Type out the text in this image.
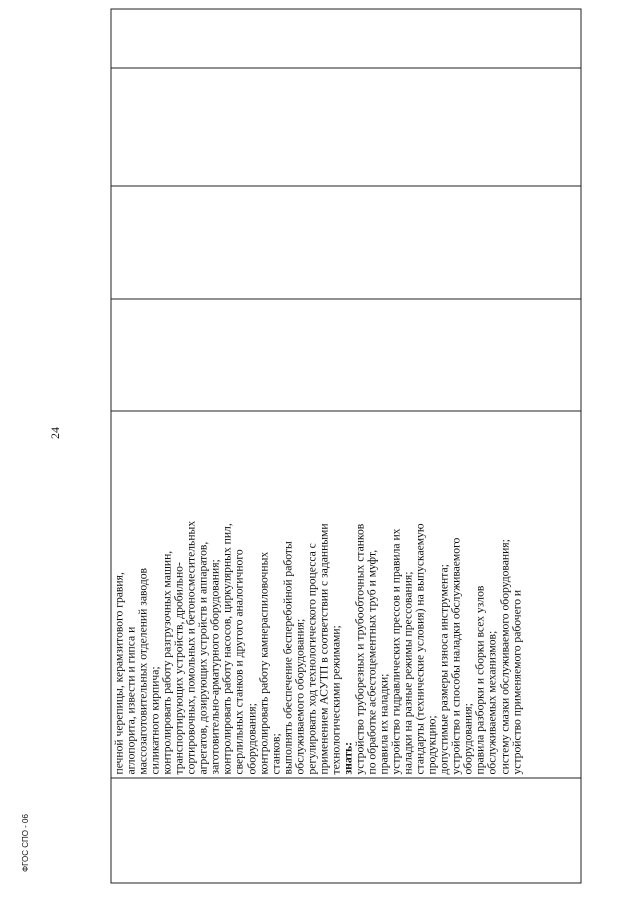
24

печной черепицы, керамзитового гравия, аглопорита, извести и гипса и массозаготовительных отделений заводов силикатного кирпича; контролировать работу разгрузочных машин, транспортирующих устройств, дробильно- сортировочных, помольных и бетоносмесительных агрегатов, дозирующих устройств и аппаратов, заготовительно-арматурного оборудования; контролировать работу насосов, циркулярных пил, сверлильных станков и другого аналогичного оборудования; контролировать работу камнераспиловочных станков; выполнять обеспечение бесперебойной работы обслуживаемого оборудования; регулировать ход технологического процесса с применением АСУТП в соответствии с заданными технологическими режимами; знать: устройство труборезных и трубообточных станков по обработке асбестоцементных труб и муфт, правила их наладки; устройство гидравлических прессов и правила их наладки на разные режимы прессования; стандарты (технические условия) на выпускаемую продукцию; допустимые размеры износа инструмента; устройство и способы наладки обслуживаемого оборудования; правила разборки и сборки всех узлов обслуживаемых механизмов; систему смазки обслуживаемого оборудования; устройство применяемого рабочего и

ФГОС СПО - 06
